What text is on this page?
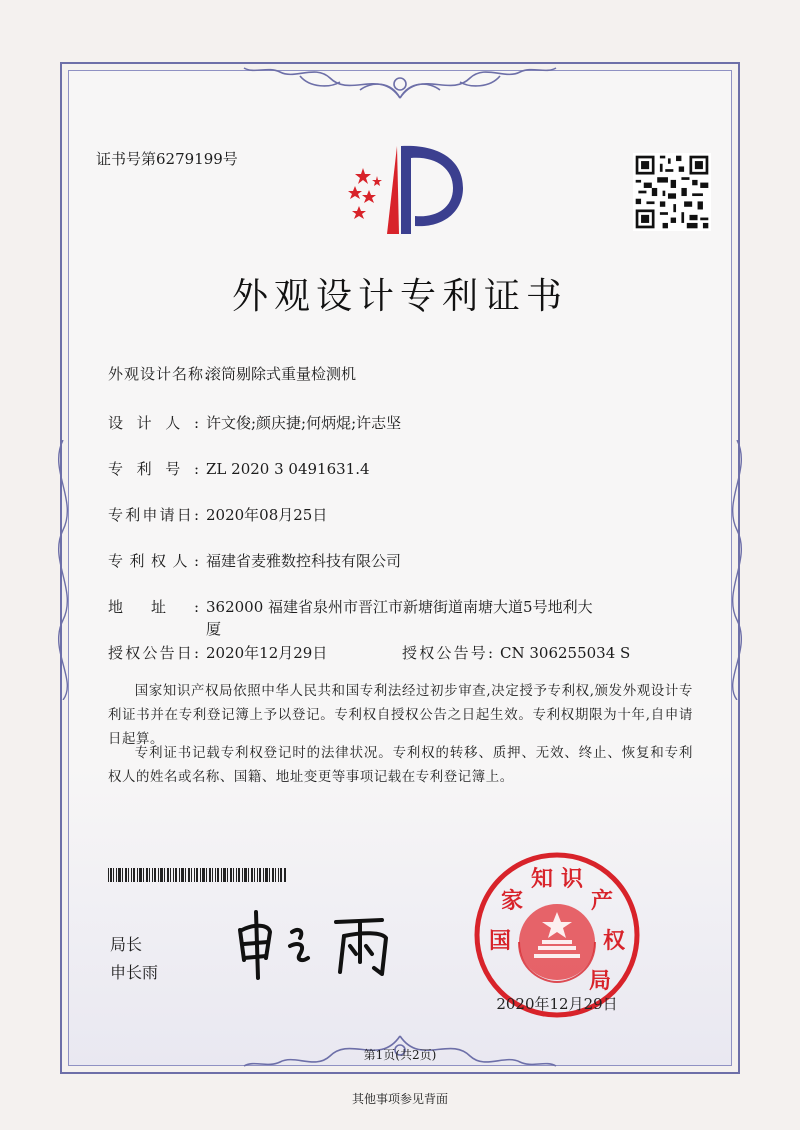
证书号第6279199号
外观设计专利证书
外观设计名称:滚筒剔除式重量检测机
设计人: 许文俊;颜庆捷;何炳焜;许志坚
专利号: ZL 2020 3 0491631.4
专利申请日: 2020年08月25日
专利权人: 福建省麦雅数控科技有限公司
地址: 362000 福建省泉州市晋江市新塘街道南塘大道5号地利大厦
授权公告日: 2020年12月29日	授权公告号: CN 306255034 S
国家知识产权局依照中华人民共和国专利法经过初步审查,决定授予专利权,颁发外观设计专利证书并在专利登记簿上予以登记。专利权自授权公告之日起生效。专利权期限为十年,自申请日起算。
专利证书记载专利权登记时的法律状况。专利权的转移、质押、无效、终止、恢复和专利权人的姓名或名称、国籍、地址变更等事项记载在专利登记簿上。
局长
申长雨
国
家
知 识
产
权
局
2020年12月29日
第1页(共2页)
其他事项参见背面
